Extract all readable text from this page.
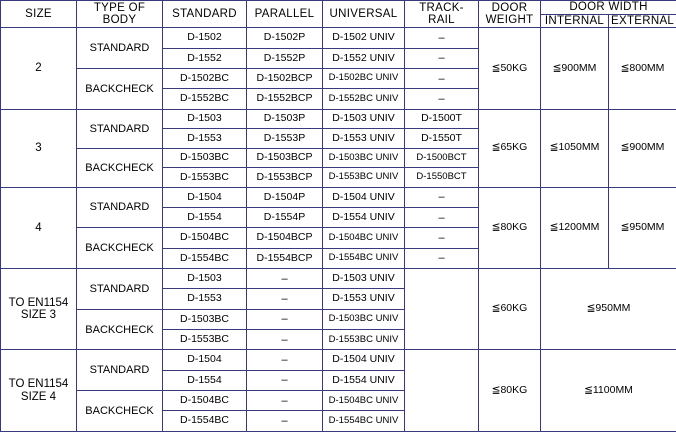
SIZE	TYPE OF
BODY	STANDARD	PARALLEL	UNIVERSAL	TRACK-RAIL	DOOR
WEIGHT	DOOR WIDTH	
							INTERNAL	EXTERNAL
2	STANDARD	D-1502	D-1502P	D-1502 UNIV	–	≦50KG	≦900MM	≦800MM
		D-1552	D-1552P	D-1552 UNIV	–			
	BACKCHECK	D-1502BC	D-1502BCP	D-1502BC UNIV	–			
		D-1552BC	D-1552BCP	D-1552BC UNIV	–			
3	STANDARD	D-1503	D-1503P	D-1503 UNIV	D-1500T	≦65KG	≦1050MM	≦900MM
		D-1553	D-1553P	D-1553 UNIV	D-1550T			
	BACKCHECK	D-1503BC	D-1503BCP	D-1503BC UNIV	D-1500BCT			
		D-1553BC	D-1553BCP	D-1553BC UNIV	D-1550BCT			
4	STANDARD	D-1504	D-1504P	D-1504 UNIV	–	≦80KG	≦1200MM	≦950MM
		D-1554	D-1554P	D-1554 UNIV	–			
	BACKCHECK	D-1504BC	D-1504BCP	D-1504BC UNIV	–			
		D-1554BC	D-1554BCP	D-1554BC UNIV	–			

TO EN1154
SIZE 3	STANDARD	D-1503	–	D-1503 UNIV		≦60KG	≦950MM	
		D-1553	–	D-1553 UNIV				
	BACKCHECK	D-1503BC	–	D-1503BC UNIV				
		D-1553BC	–	D-1553BC UNIV				

TO EN1154
SIZE 4	STANDARD	D-1504	–	D-1504 UNIV		≦80KG	≦1100MM	
		D-1554	–	D-1554 UNIV				
	BACKCHECK	D-1504BC	–	D-1504BC UNIV				
		D-1554BC	–	D-1554BC UNIV				
